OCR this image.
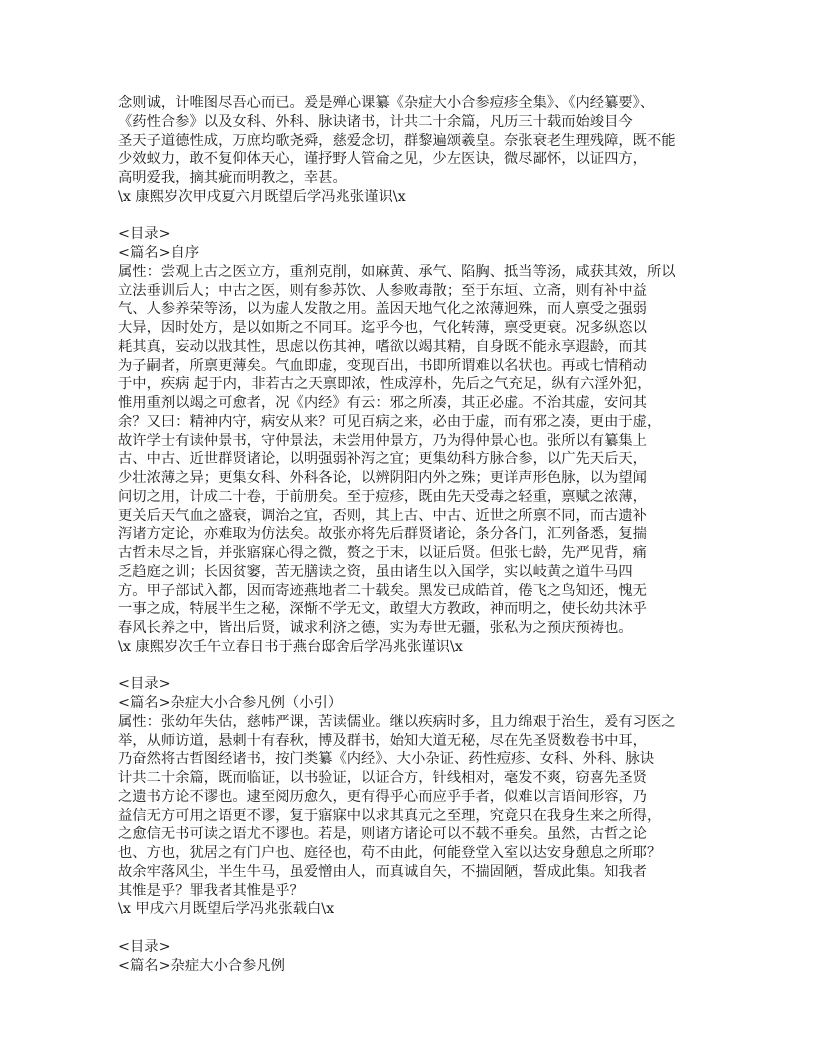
念则诚，计唯图尽吾心而已。爰是殚心课纂《杂症大小合参痘疹全集》、《内经纂要》、
《药性合参》以及女科、外科、脉诀诸书，计共二十余篇，凡历三十载而始竣目今
圣天子道德性成，万庶均歌尧舜，慈爱念切，群黎遍颂羲皇。奈张衰老生理残障，既不能
少效蚁力，敢不复仰体天心，谨抒野人管侖之见，少左医诀，微尽鄙怀，以证四方，
高明爱我，摘其疵而明教之，幸甚。
\x 康熙岁次甲戌夏六月既望后学冯兆张谨识\x
<目录>
<篇名>自序
属性：尝观上古之医立方，重剂克削，如麻黄、承气、陷胸、抵当等汤，咸获其效，所以
立法垂训后人；中古之医，则有参苏饮、人参败毒散；至于东垣、立斋，则有补中益
气、人参养荣等汤，以为虚人发散之用。盖因天地气化之浓薄迥殊，而人禀受之强弱
大异，因时处方，是以如斯之不同耳。迄乎今也，气化转薄，禀受更衰。况多纵恣以
耗其真，妄动以戕其性，思虑以伤其神，嗜欲以竭其精，自身既不能永享遐龄，而其
为子嗣者，所禀更薄矣。气血即虚，变现百出，书即所谓难以名状也。再或七情稍动
于中，疾病 起于内，非若古之天禀即浓，性成淳朴，先后之气充足，纵有六淫外犯，
惟用重剂以竭之可愈者，况《内经》有云：邪之所凑，其正必虚。不治其虚，安问其
余？又曰：精神内守，病安从来？可见百病之来，必由于虚，而有邪之凑，更由于虚，
故许学士有读仲景书，守仲景法，未尝用仲景方，乃为得仲景心也。张所以有纂集上
古、中古、近世群贤诸论，以明强弱补泻之宜；更集幼科方脉合参，以广先天后天，
少壮浓薄之异；更集女科、外科各论，以辨阴阳内外之殊；更详声形色脉，以为望闻
问切之用，计成二十卷，于前册矣。至于痘疹，既由先天受毒之轻重，禀赋之浓薄，
更关后天气血之盛衰，调治之宜，否则，其上古、中古、近世之所禀不同，而古遗补
泻诸方定论，亦难取为仿法矣。故张亦将先后群贤诸论，条分各门，汇列备悉，复揣
古哲未尽之旨，并张寤寐心得之微，赘之于末，以证后贤。但张七龄，先严见背，痛
乏趋庭之训；长因贫窭，苦无膳读之资，虽由诸生以入国学，实以岐黄之道牛马四
方。甲子部试入都，因而寄迹燕地者二十载矣。黑发已成皓首，倦飞之鸟知还，愧无
一事之成，特展半生之秘，深惭不学无文，敢望大方教政，神而明之，使长幼共沐乎
春风长养之中，皆出后贤，诚求利济之德，实为寿世无疆，张私为之预庆预祷也。
\x 康熙岁次壬午立春日书于燕台邸舍后学冯兆张谨识\x
<目录>
<篇名>杂症大小合参凡例（小引）
属性：张幼年失估，慈帏严课，苦读儒业。继以疾病时多，且力绵艰于治生，爰有习医之
举，从师访道，悬刺十有春秋，博及群书，始知大道无秘，尽在先圣贤数卷书中耳，
乃奋然将古哲图经诸书，按门类纂《内经》、大小杂证、药性痘疹、女科、外科、脉诀
计共二十余篇，既而临证，以书验证，以证合方，针线相对，毫发不爽，窃喜先圣贤
之遗书方论不谬也。逮至阅历愈久，更有得乎心而应乎手者，似难以言语间形容，乃
益信无方可用之语更不谬，复于寤寐中以求其真元之至理，究竟只在我身生来之所得，
之愈信无书可读之语尤不谬也。若是，则诸方诸论可以不载不垂矣。虽然，古哲之论
也、方也，犹居之有门户也、庭径也，苟不由此，何能登堂入室以达安身憩息之所耶？
故余牢落风尘，半生牛马，虽爱憎由人，而真诚自矢，不揣固陋，誓成此集。知我者
其惟是乎？罪我者其惟是乎？
\x 甲戌六月既望后学冯兆张载白\x
<目录>
<篇名>杂症大小合参凡例
